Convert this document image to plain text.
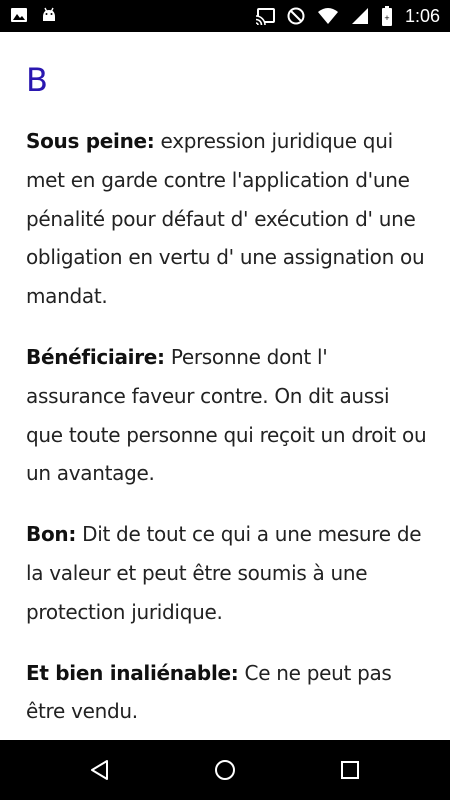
+ 1:06
B

Sous peine: expression juridique qui met en garde contre l'application d'une pénalité pour défaut d' exécution d' une obligation en vertu d' une assignation ou mandat.

Bénéficiaire: Personne dont l' assurance faveur contre. On dit aussi que toute personne qui reçoit un droit ou un avantage.

Bon: Dit de tout ce qui a une mesure de la valeur et peut être soumis à une protection juridique.

Et bien inaliénable: Ce ne peut pas être vendu.
